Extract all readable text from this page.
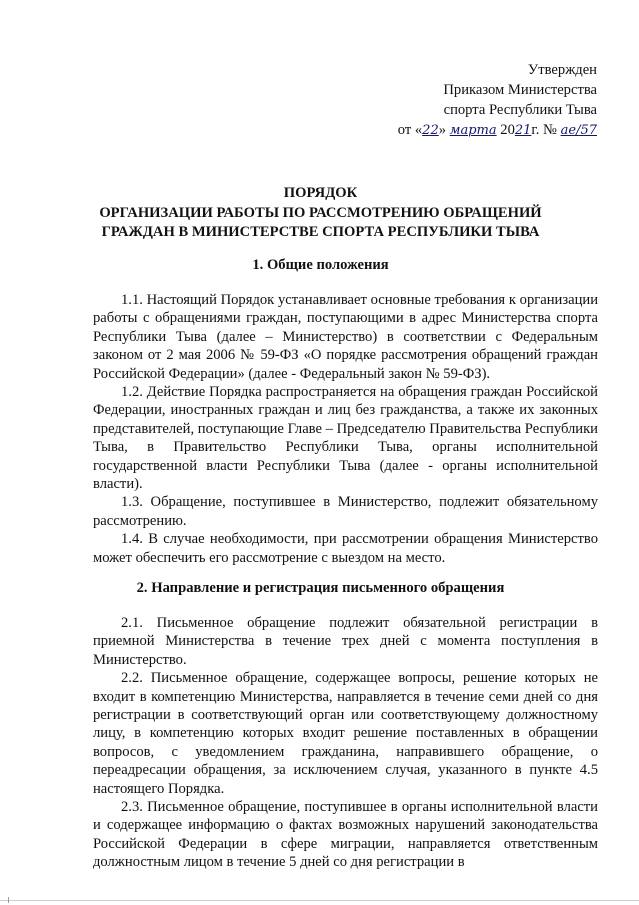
Утвержден
Приказом Министерства
спорта Республики Тыва
от «22» марта 2021г. № ae/57
ПОРЯДОК
ОРГАНИЗАЦИИ РАБОТЫ ПО РАССМОТРЕНИЮ ОБРАЩЕНИЙ
ГРАЖДАН В МИНИСТЕРСТВЕ СПОРТА РЕСПУБЛИКИ ТЫВА
1. Общие положения

1.1. Настоящий Порядок устанавливает основные требования к организации работы с обращениями граждан, поступающими в адрес Министерства спорта Республики Тыва (далее – Министерство) в соответствии с Федеральным законом от 2 мая 2006 № 59-ФЗ «О порядке рассмотрения обращений граждан Российской Федерации» (далее - Федеральный закон № 59-ФЗ).

1.2. Действие Порядка распространяется на обращения граждан Российской Федерации, иностранных граждан и лиц без гражданства, а также их законных представителей, поступающие Главе – Председателю Правительства Республики Тыва, в Правительство Республики Тыва, органы исполнительной государственной власти Республики Тыва (далее - органы исполнительной власти).

1.3. Обращение, поступившее в Министерство, подлежит обязательному рассмотрению.

1.4. В случае необходимости, при рассмотрении обращения Министерство может обеспечить его рассмотрение с выездом на место.

2. Направление и регистрация письменного обращения

2.1. Письменное обращение подлежит обязательной регистрации в приемной Министерства в течение трех дней с момента поступления в Министерство.

2.2. Письменное обращение, содержащее вопросы, решение которых не входит в компетенцию Министерства, направляется в течение семи дней со дня регистрации в соответствующий орган или соответствующему должностному лицу, в компетенцию которых входит решение поставленных в обращении вопросов, с уведомлением гражданина, направившего обращение, о переадресации обращения, за исключением случая, указанного в пункте 4.5 настоящего Порядка.

2.3. Письменное обращение, поступившее в органы исполнительной власти и содержащее информацию о фактах возможных нарушений законодательства Российской Федерации в сфере миграции, направляется ответственным должностным лицом в течение 5 дней со дня регистрации в
